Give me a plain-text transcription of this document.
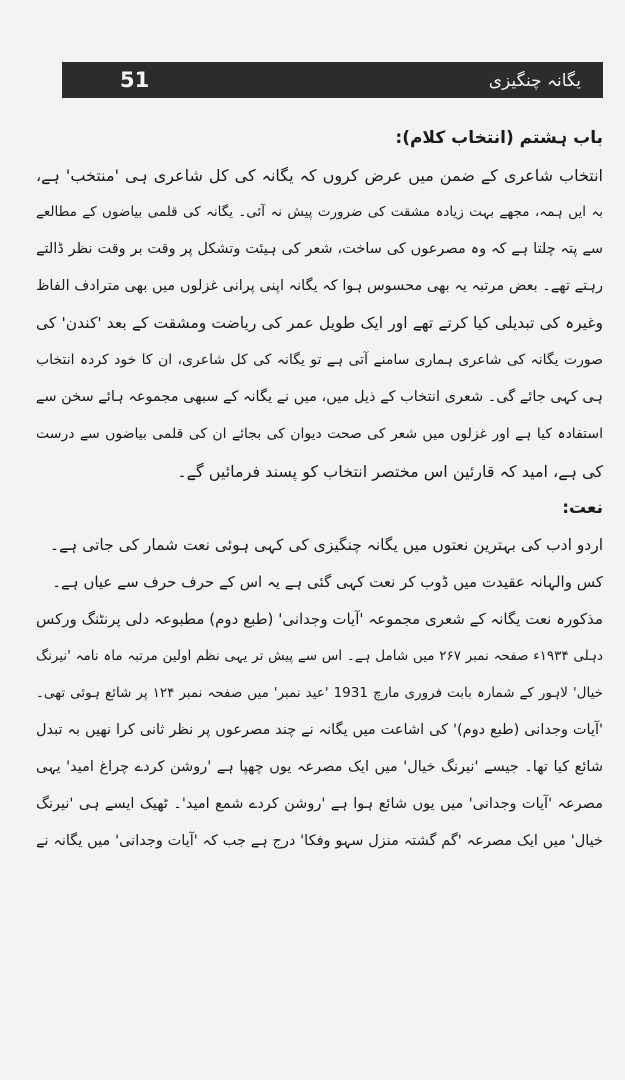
51	یگانہ چنگیزی
باب ہشتم (انتخاب کلام):
انتخاب شاعری کے ضمن میں عرض کروں کہ یگانہ کی کل شاعری ہی 'منتخب' ہے،
بہ ایں ہمہ، مجھے بہت زیادہ مشقت کی ضرورت پیش نہ آئی۔ یگانہ کی قلمی بیاضوں کے مطالعے
سے پتہ چلتا ہے کہ وہ مصرعوں کی ساخت، شعر کی ہیئت وتشکل پر وقت بر وقت نظر ڈالتے
رہتے تھے۔ بعض مرتبہ یہ بھی محسوس ہوا کہ یگانہ اپنی پرانی غزلوں میں بھی مترادف الفاظ
وغیرہ کی تبدیلی کیا کرتے تھے اور ایک طویل عمر کی ریاضت ومشقت کے بعد 'کندن' کی
صورت یگانہ کی شاعری ہماری سامنے آتی ہے تو یگانہ کی کل شاعری، ان کا خود کردہ انتخاب
ہی کہی جائے گی۔ شعری انتخاب کے ذیل میں، میں نے یگانہ کے سبھی مجموعہ ہائے سخن سے
استفادہ کیا ہے اور غزلوں میں شعر کی صحت دیوان کی بجائے ان کی قلمی بیاضوں سے درست
کی ہے، امید کہ قارئین اس مختصر انتخاب کو پسند فرمائیں گے۔
نعت:
اردو ادب کی بہترین نعتوں میں یگانہ چنگیزی کی کہی ہوئی نعت شمار کی جاتی ہے۔
کس والہانہ عقیدت میں ڈوب کر نعت کہی گئی ہے یہ اس کے حرف حرف سے عیاں ہے۔
مذکورہ نعت یگانہ کے شعری مجموعہ 'آیات وجدانی' (طبع دوم) مطبوعہ دلی پرنٹنگ ورکس
دہلی ۱۹۳۴ء صفحہ نمبر ۲۶۷ میں شامل ہے۔ اس سے پیش تر یہی نظم اولین مرتبہ ماہ نامہ 'نیرنگ
خیال' لاہور کے شمارہ بابت فروری مارچ 1931 'عید نمبر' میں صفحہ نمبر ۱۲۴ پر شائع ہوئی تھی۔
'آیات وجدانی (طبع دوم)' کی اشاعت میں یگانہ نے چند مصرعوں پر نظر ثانی کرا نھیں بہ تبدل
شائع کیا تھا۔ جیسے 'نیرنگ خیال' میں ایک مصرعہ یوں چھپا ہے 'روشن کردے چراغ امید' یہی
مصرعہ 'آیات وجدانی' میں یوں شائع ہوا ہے 'روشن کردے شمع امید'۔ ٹھیک ایسے ہی 'نیرنگ
خیال' میں ایک مصرعہ 'گم گشتہ منزل سہو وفکا' درج ہے جب کہ 'آیات وجدانی' میں یگانہ نے
